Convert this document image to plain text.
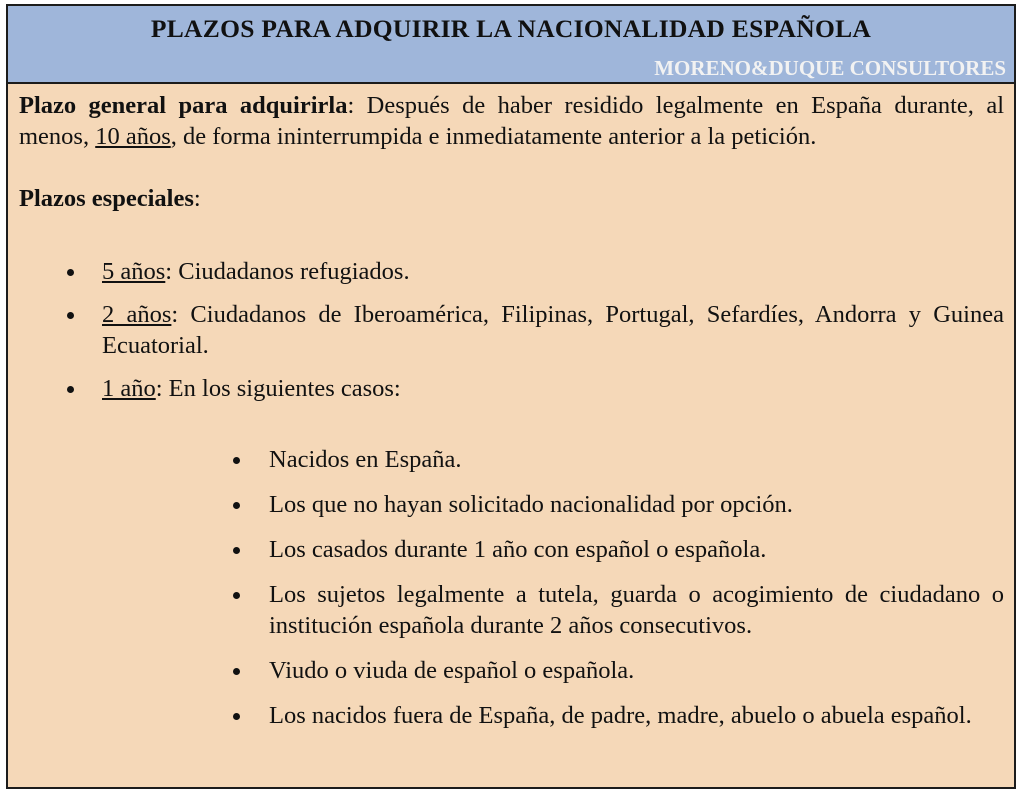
PLAZOS PARA ADQUIRIR LA NACIONALIDAD ESPAÑOLA
MORENO&DUQUE CONSULTORES

Plazo general para adquirirla: Después de haber residido legalmente en España durante, al menos, 10 años, de forma ininterrumpida e inmediatamente anterior a la petición.

Plazos especiales:

5 años: Ciudadanos refugiados.
2 años: Ciudadanos de Iberoamérica, Filipinas, Portugal, Sefardíes, Andorra y Guinea Ecuatorial.
1 año: En los siguientes casos:
Nacidos en España.
Los que no hayan solicitado nacionalidad por opción.
Los casados durante 1 año con español o española.
Los sujetos legalmente a tutela, guarda o acogimiento de ciudadano o institución española durante 2 años consecutivos.
Viudo o viuda de español o española.
Los nacidos fuera de España, de padre, madre, abuelo o abuela español.
